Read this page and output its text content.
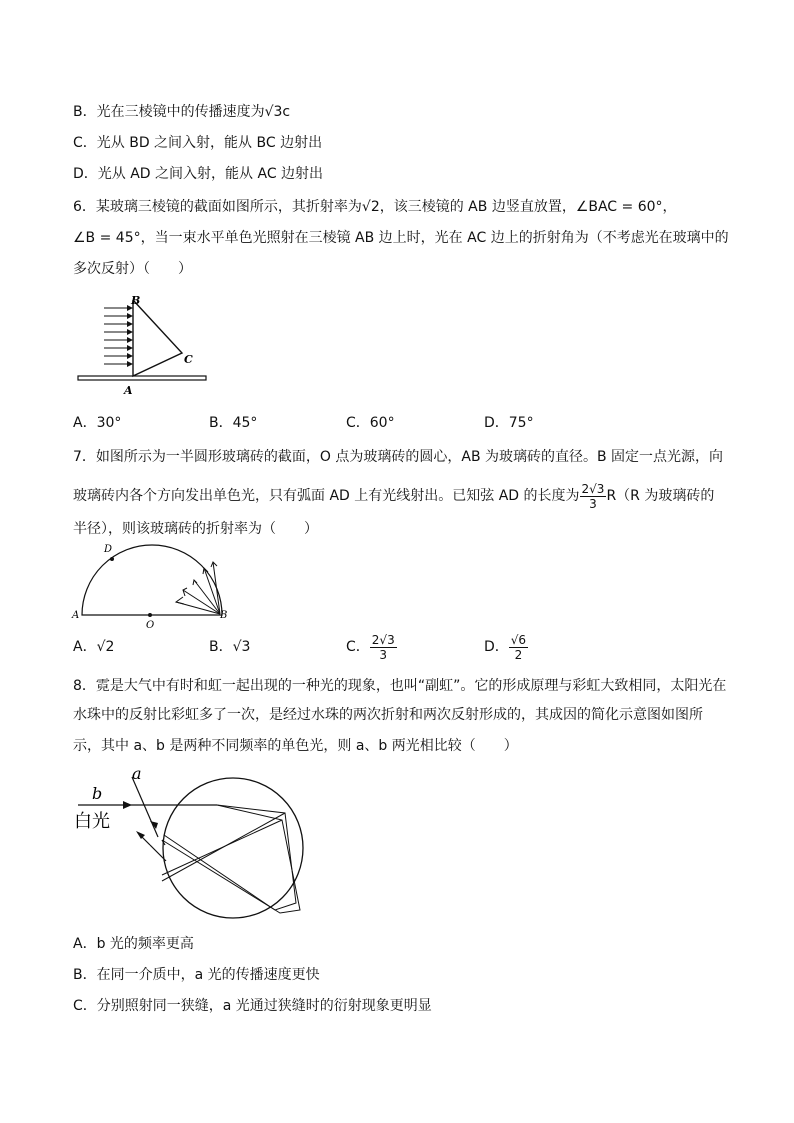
B．光在三棱镜中的传播速度为√3c
C．光从 BD 之间入射，能从 BC 边射出
D．光从 AD 之间入射，能从 AC 边射出
6．某玻璃三棱镜的截面如图所示，其折射率为√2，该三棱镜的 AB 边竖直放置，∠BAC = 60°，
∠B = 45°，当一束水平单色光照射在三棱镜 AB 边上时，光在 AC 边上的折射角为（不考虑光在玻璃中的
多次反射）（　　）
B
C
A
A．30°	B．45°	C．60°	D．75°
7．如图所示为一半圆形玻璃砖的截面，O 点为玻璃砖的圆心，AB 为玻璃砖的直径。B 固定一点光源，向
玻璃砖内各个方向发出单色光，只有弧面 AD 上有光线射出。已知弦 AD 的长度为 $\frac{2√3}{3} R(R$ 为玻璃砖的
半径），则该玻璃砖的折射率为（　　）
D
A
O
B
A．√2	B．√3	C． $\frac{2√3}{3}$	D． $\frac{√6}{2}$
8．霓是大气中有时和虹一起出现的一种光的现象，也叫“副虹”。它的形成原理与彩虹大致相同，太阳光在
水珠中的反射比彩虹多了一次，是经过水珠的两次折射和两次反射形成的，其成因的简化示意图如图所
示，其中 a、b 是两种不同频率的单色光，则 a、b 两光相比较（　　）
a
b
白光
A．b 光的频率更高
B．在同一介质中，a 光的传播速度更快
C．分别照射同一狭缝，a 光通过狭缝时的衍射现象更明显
